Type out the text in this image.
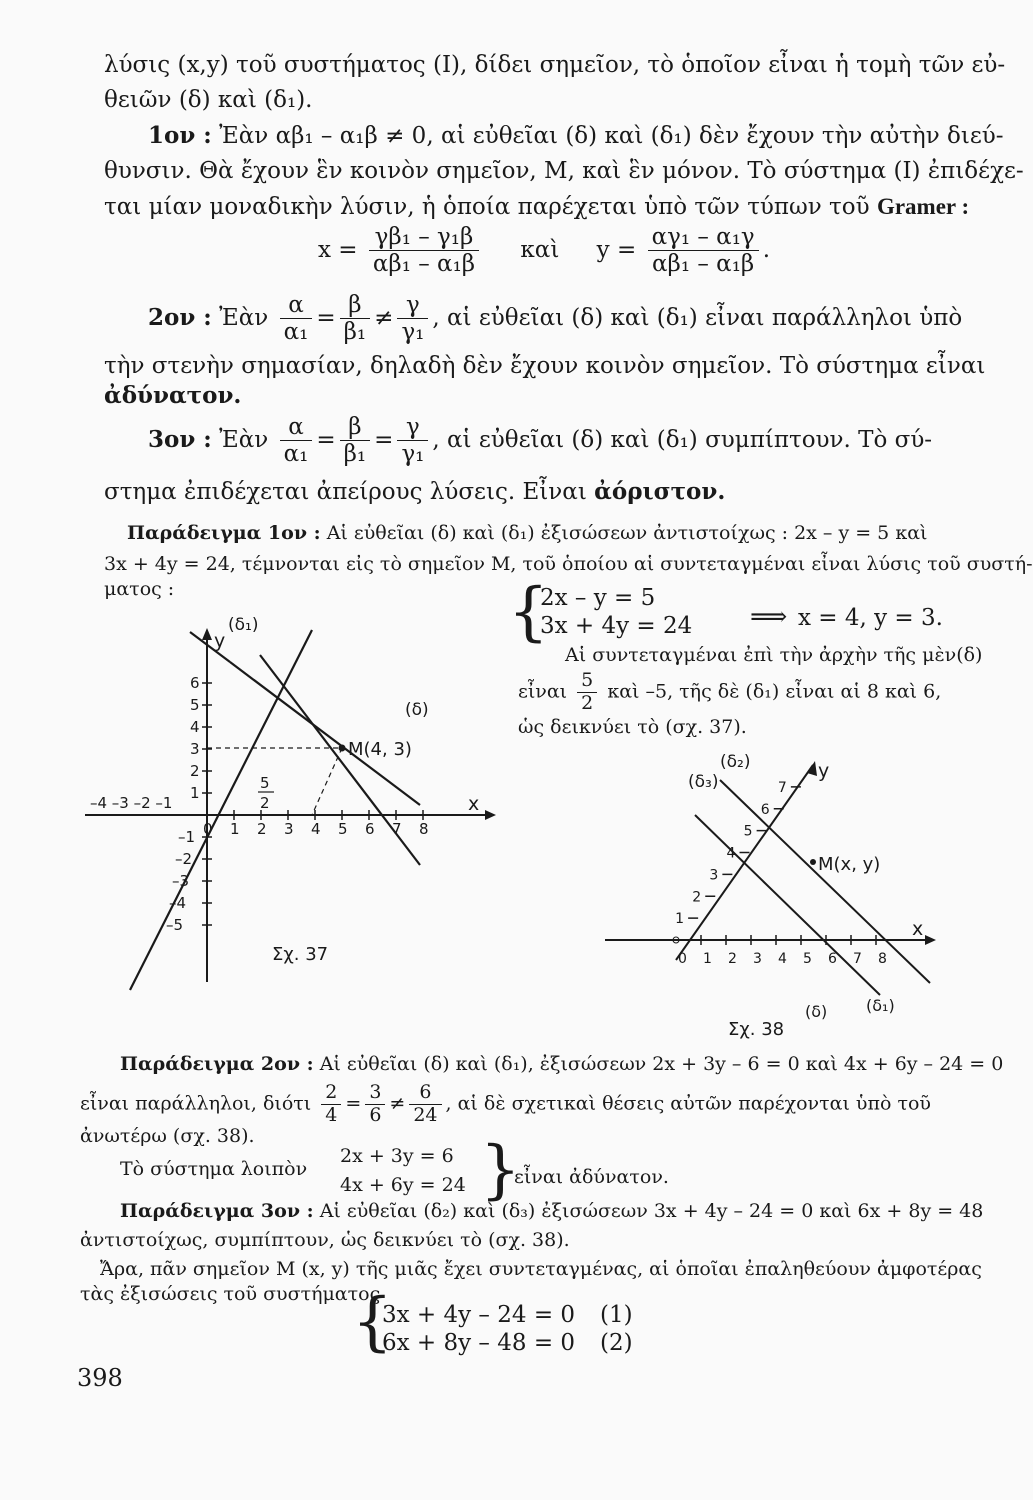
λύσις (x,y) τοῦ συστήματος (Ι), δίδει σημεῖον, τὸ ὁποῖον εἶναι ἡ τομὴ τῶν εὐ-
θειῶν (δ) καὶ (δ₁).
1ον : Ἐὰν αβ₁ – α₁β ≠ 0, αἱ εὐθεῖαι (δ) καὶ (δ₁) δὲν ἔχουν τὴν αὐτὴν διεύ-
θυνσιν. Θὰ ἔχουν ἓν κοινὸν σημεῖον, Μ, καὶ ἓν μόνον. Τὸ σύστημα (Ι) ἐπιδέχε-
ται μίαν μοναδικὴν λύσιν, ἡ ὁποία παρέχεται ὑπὸ τῶν τύπων τοῦ Gramer :
$x = \frac{\text{γβ₁ – γ₁β}}{\text{αβ₁ – α₁β}}$ καὶ $y = \frac{\text{αγ₁ – α₁γ}}{\text{αβ₁ – α₁β}}$ .
2ον : Ἐὰν $\frac{\alpha}{\text{α₁}} = \frac{\beta}{\text{β₁}} \ne \frac{\gamma}{\text{γ₁}}$ , αἱ εὐθεῖαι (δ) καὶ (δ₁) εἶναι παράλληλοι ὑπὸ
τὴν στενὴν σημασίαν, δηλαδὴ δὲν ἔχουν κοινὸν σημεῖον. Τὸ σύστημα εἶναι
ἀδύνατον.
3ον : Ἐὰν $\frac{\alpha}{\text{α₁}} = \frac{\beta}{\text{β₁}} = \frac{\gamma}{\text{γ₁}}$ , αἱ εὐθεῖαι (δ) καὶ (δ₁) συμπίπτουν. Τὸ σύ-
στημα ἐπιδέχεται ἀπείρους λύσεις. Εἶναι ἀόριστον.
Παράδειγμα 1ον : Αἱ εὐθεῖαι (δ) καὶ (δ₁) ἐξισώσεων ἀντιστοίχως : 2x – y = 5 καὶ
3x + 4y = 24, τέμνονται εἰς τὸ σημεῖον Μ, τοῦ ὁποίου αἱ συντεταγμέναι εἶναι λύσις τοῦ συστή-
ματος :	{
2x – y = 5
3x + 4y = 24 ⟹ x = 4, y = 3.
Αἱ συντεταγμέναι ἐπὶ τὴν ἀρχὴν τῆς μὲν(δ)
εἶναι $\frac{5}{2}$ καὶ –5, τῆς δὲ (δ₁) εἶναι αἱ 8 καὶ 6,
ὡς δεικνύει τὸ (σχ. 37).
(δ₁)
y
(δ)
Μ(4, 3)
x
5
2
–4 –3 –2 –1
0 1 2 3 4 5 6 7 8
1
2
3
4
5
6
–1
–2
–3
–4
–5
Σχ. 37
(δ₂)
(δ₃)	y
Μ(x, y)
x
(δ) (δ₁)
0 1 2 3 4 5 6 7 8
1
2
3
4
5
6
7
Σχ. 38
Παράδειγμα 2ον : Αἱ εὐθεῖαι (δ) καὶ (δ₁), ἐξισώσεων 2x + 3y – 6 = 0 καὶ 4x + 6y – 24 = 0
εἶναι παράλληλοι, διότι $\frac{2}{4} = \frac{3}{6} \ne \frac{6}{24}$ , αἱ δὲ σχετικαὶ θέσεις αὐτῶν παρέχονται ὑπὸ τοῦ
ἀνωτέρω (σχ. 38).
Τὸ σύστημα λοιπὸν
2x + 3y = 6
4x + 6y = 24 }
εἶναι ἀδύνατον.
Παράδειγμα 3ον : Αἱ εὐθεῖαι (δ₂) καὶ (δ₃) ἐξισώσεων 3x + 4y – 24 = 0 καὶ 6x + 8y = 48
ἀντιστοίχως, συμπίπτουν, ὡς δεικνύει τὸ (σχ. 38).
Ἄρα, πᾶν σημεῖον Μ (x, y) τῆς μιᾶς ἔχει συντεταγμένας, αἱ ὁποῖαι ἐπαληθεύουν ἀμφοτέρας
τὰς ἐξισώσεις τοῦ συστήματος
{
3x + 4y – 24 = 0 (1)
6x + 8y – 48 = 0 (2)
398
